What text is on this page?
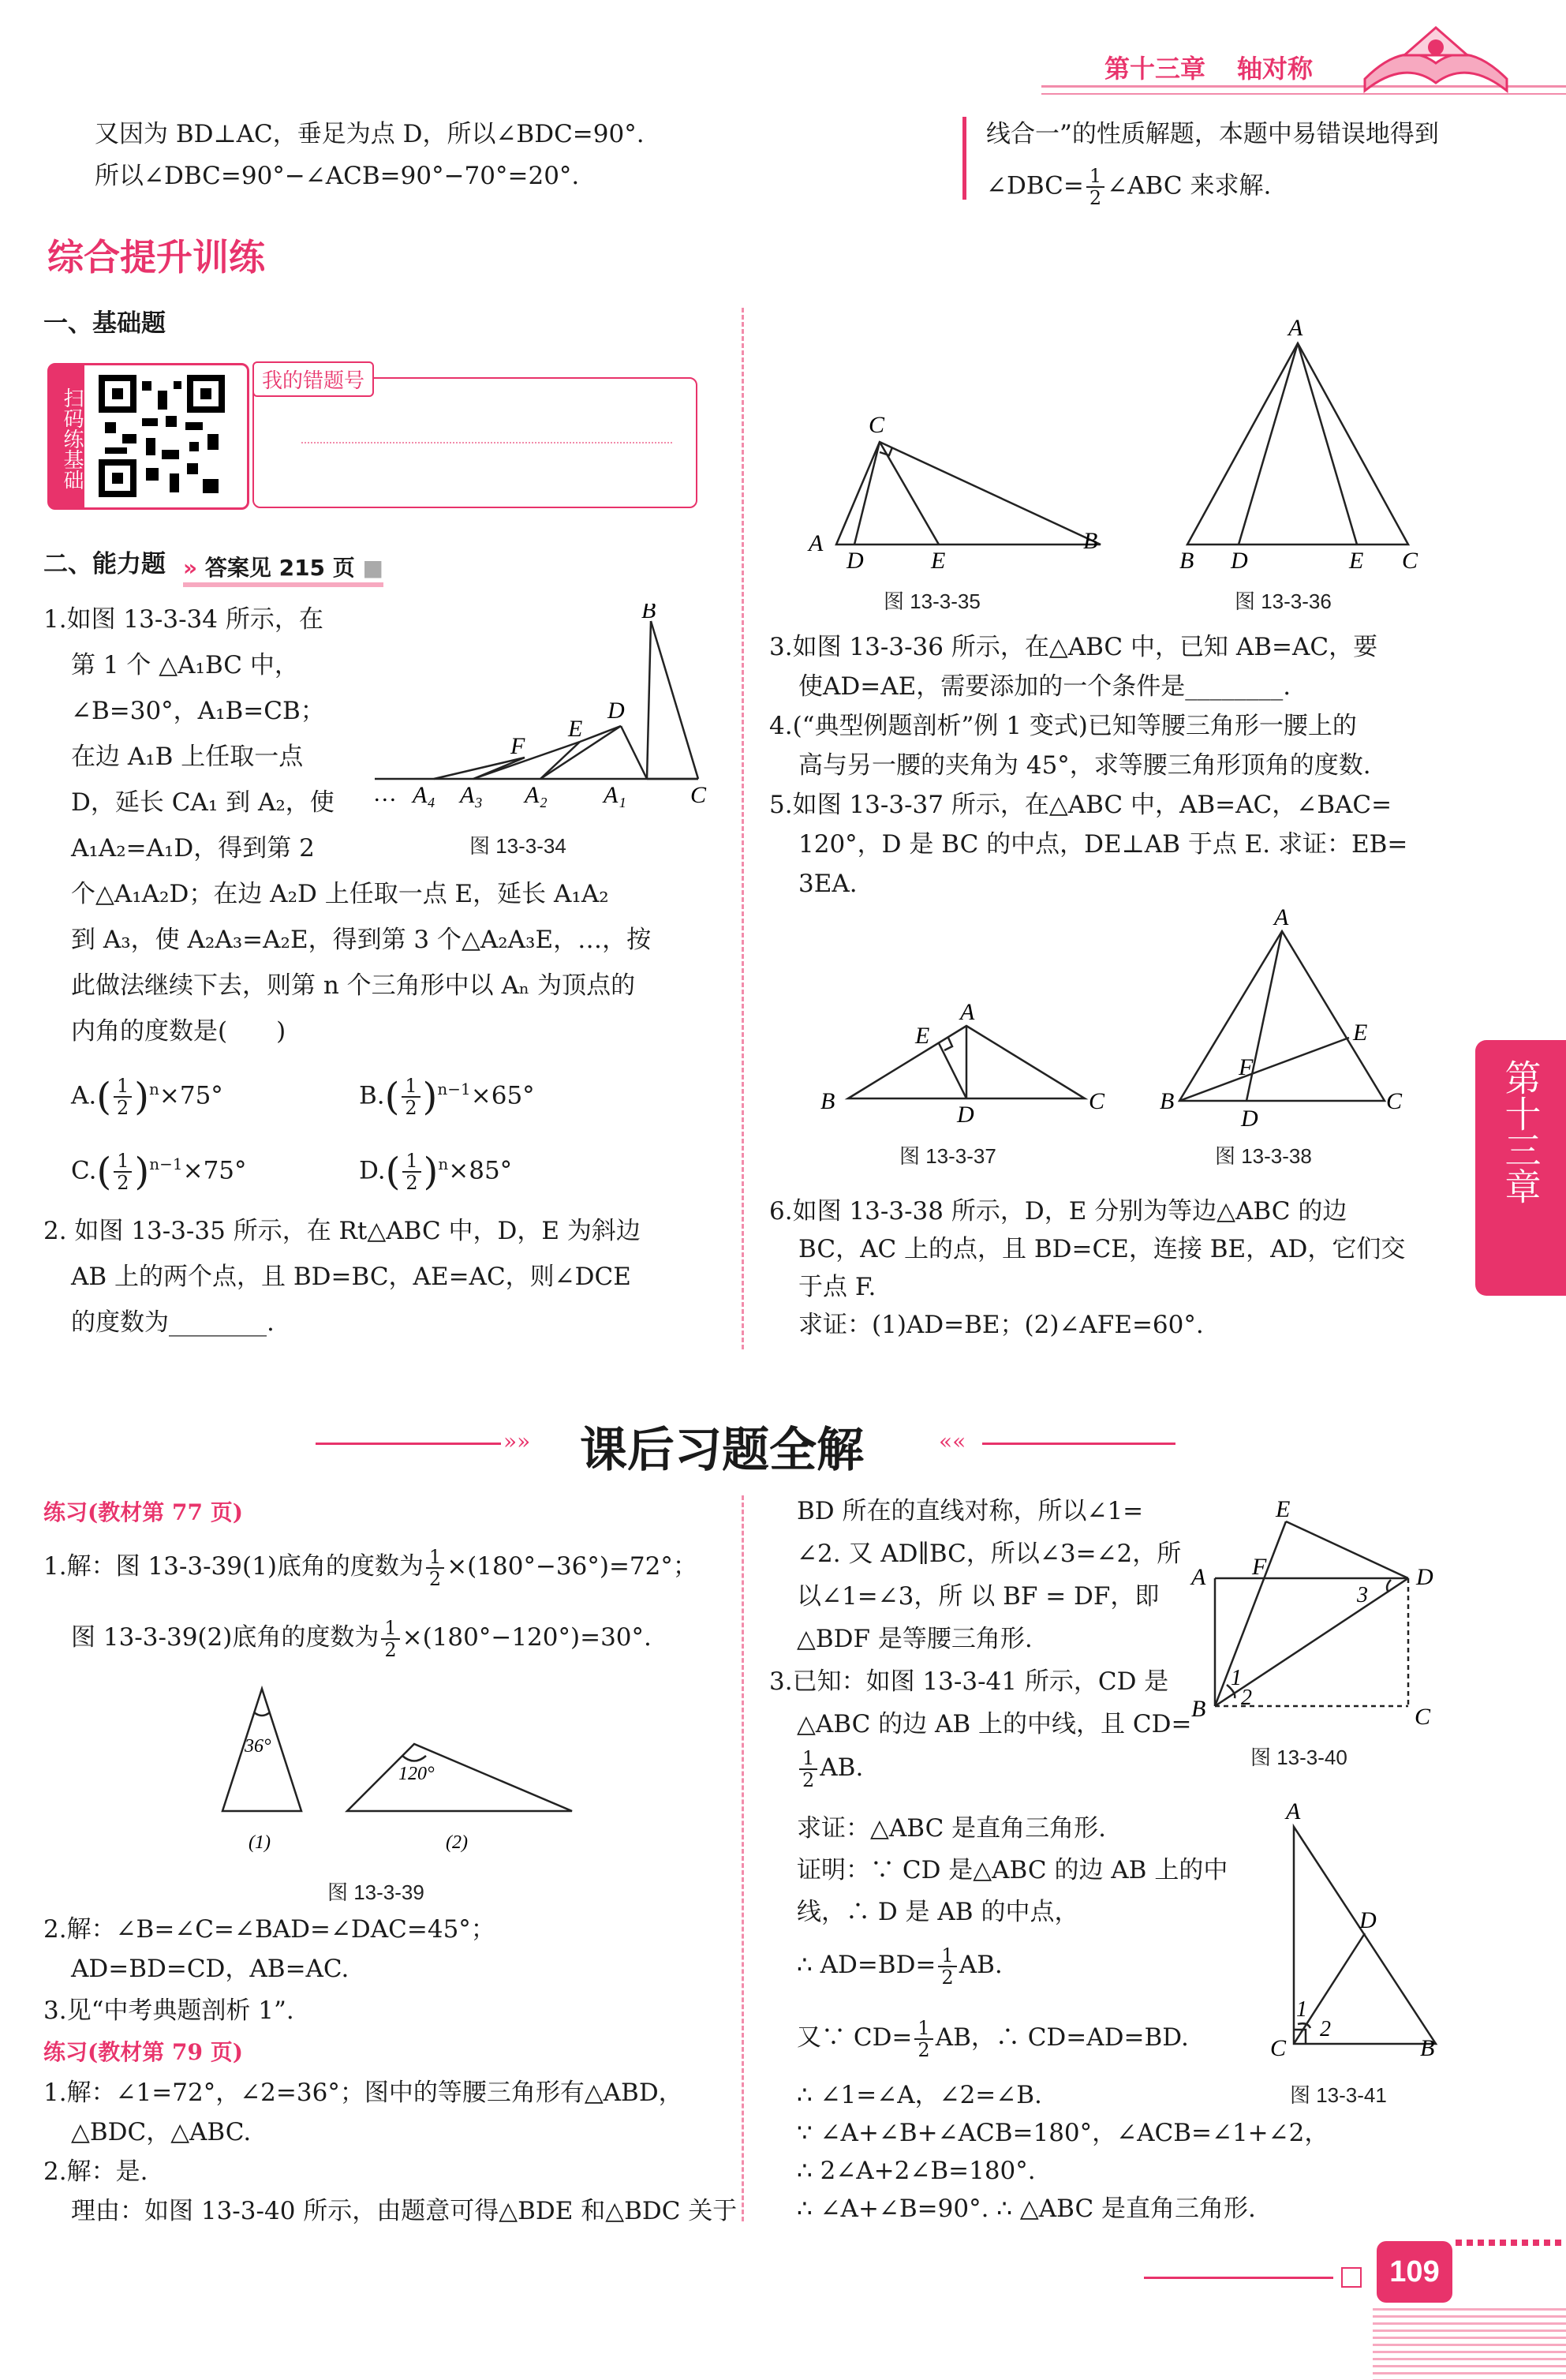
第十三章 轴对称
又因为 BD⊥AC，垂足为点 D，所以∠BDC=90°.
所以∠DBC=90°−∠ACB=90°−70°=20°.
线合一”的性质解题，本题中易错误地得到
∠DBC= $\frac{1}{2}$ ∠ABC 来求解.
综合提升训练
一、基础题
扫码练基础
我的错题号
二、能力题 » 答案见 215 页 ■
1.如图 13-3-34 所示，在
第 1 个 △A₁BC 中，
∠B=30°，A₁B=CB；
在边 A₁B 上任取一点
D，延长 CA₁ 到 A₂，使
A₁A₂=A₁D，得到第 2
个△A₁A₂D；在边 A₂D 上任取一点 E，延长 A₁A₂
到 A₃，使 A₂A₃=A₂E，得到第 3 个△A₂A₃E，…，按
此做法继续下去，则第 n 个三角形中以 Aₙ 为顶点的
内角的度数是(　　)
$A.( \frac{1}{2} )^n\times 75^\circ$	$B.( \frac{1}{2} )^{n-1}\times 65^\circ$
$C.( \frac{1}{2} )^{n-1}\times 75^\circ$	$D.( \frac{1}{2} )^n\times 85^\circ$
B
D
E
F
… A₄ A₃ A₂ A₁	C
图 13-3-34
2. 如图 13-3-35 所示，在 Rt△ABC 中，D，E 为斜边
AB 上的两个点，且 BD=BC，AE=AC，则∠DCE
的度数为________.
C
A
D	E
B
图 13-3-35
A
B D	E C
图 13-3-36
3.如图 13-3-36 所示，在△ABC 中，已知 AB=AC，要
使AD=AE，需要添加的一个条件是________.
4.(“典型例题剖析”例 1 变式)已知等腰三角形一腰上的
高与另一腰的夹角为 45°，求等腰三角形顶角的度数.
5.如图 13-3-37 所示，在△ABC 中，AB=AC，∠BAC=
120°，D 是 BC 的中点，DE⊥AB 于点 E. 求证：EB=
3EA.
A
E
B
D
C
图 13-3-37
A
E
F
B
D
C
图 13-3-38
6.如图 13-3-38 所示，D，E 分别为等边△ABC 的边
BC，AC 上的点，且 BD=CE，连接 BE，AD，它们交
于点 F.
求证：(1)AD=BE；(2)∠AFE=60°.
第十三章
»» 课后习题全解	««
练习(教材第 77 页)
1.解：图 13-3-39(1)底角的度数为 $\frac{1}{2} \times(180^\circ-36^\circ)=72^\circ$；
图 13-3-39(2)底角的度数为 $\frac{1}{2} \times(180^\circ-120^\circ)=30^\circ$.
36°
120°
(1)	(2)
图 13-3-39
2.解：∠B=∠C=∠BAD=∠DAC=45°；
AD=BD=CD，AB=AC.
3.见“中考典题剖析 1”.
练习(教材第 79 页)
1.解：∠1=72°，∠2=36°；图中的等腰三角形有△ABD，
△BDC，△ABC.
2.解：是.
理由：如图 13-3-40 所示，由题意可得△BDE 和△BDC 关于
BD 所在的直线对称，所以∠1=
∠2. 又 AD∥BC，所以∠3=∠2，所
以∠1=∠3，所 以 BF = DF，即
△BDF 是等腰三角形.
3.已知：如图 13-3-41 所示，CD 是
△ABC 的边 AB 上的中线，且 CD=
$\frac{1}{2}$ AB.
求证：△ABC 是直角三角形.
证明：∵ CD 是△ABC 的边 AB 上的中
线，∴ D 是 AB 的中点，
∴ $AD=BD= \frac{1}{2}$ AB.
又∵ $CD= \frac{1}{2}$ AB，∴ CD=AD=BD.
∴ ∠1=∠A，∠2=∠B.
∵ ∠A+∠B+∠ACB=180°，∠ACB=∠1+∠2，
∴ 2∠A+2∠B=180°.
∴ ∠A+∠B=90°. ∴ △ABC 是直角三角形.
E
F
A	D
3
1
2
B	C
图 13-3-40
A
D
1
2
C	B
图 13-3-41
109
